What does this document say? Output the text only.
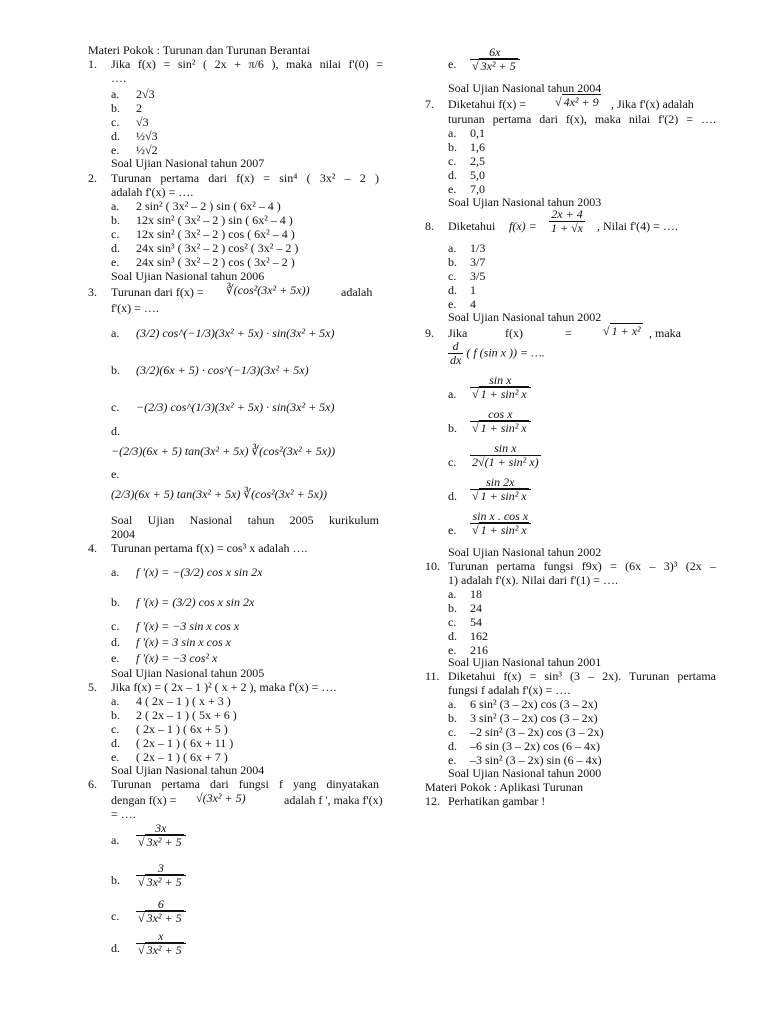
Materi Pokok : Turunan dan Turunan Berantai
1. Jika f(x) = sin² ( 2x + π/6 ), maka nilai f'(0) =
….
a. 2√3
b. 2
c. √3
d. ½√3
e. ½√2
Soal Ujian Nasional tahun 2007
2. Turunan pertama dari f(x) = sin⁴ ( 3x² – 2 )
adalah f'(x) = ….
a. 2 sin² ( 3x² – 2 ) sin ( 6x² – 4 )
b. 12x sin² ( 3x² – 2 ) sin ( 6x² – 4 )
c. 12x sin² ( 3x² – 2 ) cos ( 6x² – 4 )
d. 24x sin³ ( 3x² – 2 ) cos² ( 3x² – 2 )
e. 24x sin³ ( 3x² – 2 ) cos ( 3x² – 2 )
Soal Ujian Nasional tahun 2006
3. Turunan dari f(x) = ∛(cos²(3x² + 5x))	adalah
f'(x) = ….
a. (3/2) cos^(−1/3)(3x² + 5x) · sin(3x² + 5x)
b. (3/2)(6x + 5) · cos^(−1/3)(3x² + 5x)
c. −(2/3) cos^(1/3)(3x² + 5x) · sin(3x² + 5x)
d.
−(2/3)(6x + 5) tan(3x² + 5x) ∛(cos²(3x² + 5x))
e.
(2/3)(6x + 5) tan(3x² + 5x) ∛(cos²(3x² + 5x))
Soal Ujian Nasional tahun 2005 kurikulum
2004
4. Turunan pertama f(x) = cos³ x adalah ….
a. f '(x) = −(3/2) cos x sin 2x
b. f '(x) = (3/2) cos x sin 2x
c. f '(x) = −3 sin x cos x
d. f '(x) = 3 sin x cos x
e. f '(x) = −3 cos² x
Soal Ujian Nasional tahun 2005
5. Jika f(x) = ( 2x – 1 )² ( x + 2 ), maka f'(x) = ….
a. 4 ( 2x – 1 ) ( x + 3 )
b. 2 ( 2x – 1 ) ( 5x + 6 )
c. ( 2x – 1 ) ( 6x + 5 )
d. ( 2x – 1 ) ( 6x + 11 )
e. ( 2x – 1 ) ( 6x + 7 )
Soal Ujian Nasional tahun 2004
6. Turunan pertama dari fungsi f yang dinyatakan
dengan f(x) = √(3x² + 5)	adalah f ', maka f'(x)
= ….
a. $\frac{3x}{\text{√ 3x² + 5}}$
b. $\frac{3}{\text{√ 3x² + 5}}$
c. $\frac{6}{\text{√ 3x² + 5}}$
d. $\frac{x}{\text{√ 3x² + 5}}$
e. $\frac{6x}{\text{√ 3x² + 5}}$
Soal Ujian Nasional tahun 2004
7. Diketahui f(x) = √ 4x² + 9 , Jika f'(x) adalah
turunan pertama dari f(x), maka nilai f'(2) = ….
a. 0,1
b. 1,6
c. 2,5
d. 5,0
e. 7,0
Soal Ujian Nasional tahun 2003
8. Diketahui $f(x) = \frac{2x + 4}{1 + √x}$ , Nilai f'(4) = ….
a. 1/3
b. 3/7
c. 3/5
d. 1
e. 4
Soal Ujian Nasional tahun 2002
9. Jika	f(x)	=	√ 1 + x² , maka
$\frac{d}{dx}$ ( f (sin x )) = ….
a. $\frac{\text{sin x}}{\text{√ 1 + sin² x}}$
b. $\frac{\text{cos x}}{\text{√ 1 + sin² x}}$
c. $\frac{\text{sin x}}{\text{2√(1 + sin² x)}}$
d. $\frac{\sin 2x}{\text{√ 1 + sin² x}}$
e. $\frac{\text{sin x . cos x}}{\text{√ 1 + sin² x}}$
Soal Ujian Nasional tahun 2002
10. Turunan pertama fungsi f9x) = (6x – 3)³ (2x –
1) adalah f'(x). Nilai dari f'(1) = ….
a. 18
b. 24
c. 54
d. 162
e. 216
Soal Ujian Nasional tahun 2001
11. Diketahui f(x) = sin³ (3 – 2x). Turunan pertama
fungsi f adalah f'(x) = ….
a. 6 sin² (3 – 2x) cos (3 – 2x)
b. 3 sin² (3 – 2x) cos (3 – 2x)
c. –2 sin² (3 – 2x) cos (3 – 2x)
d. –6 sin (3 – 2x) cos (6 – 4x)
e. –3 sin² (3 – 2x) sin (6 – 4x)
Soal Ujian Nasional tahun 2000
Materi Pokok : Aplikasi Turunan
12. Perhatikan gambar !
